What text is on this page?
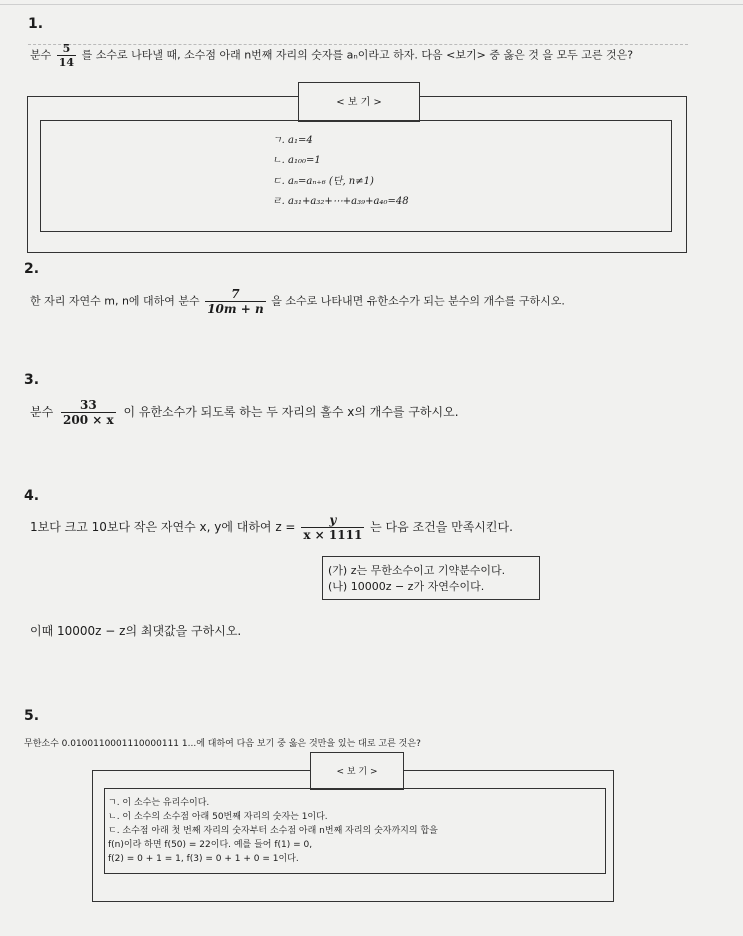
1.
분수 $\frac{5}{14}$ 를 소수로 나타낼 때, 소수점 아래 n번째 자리의 숫자를 aₙ이라고 하자. 다음 <보기> 중 옳은 것 을 모두 고른 것은?
< 보 기 >
ㄱ. a₁=4
ㄴ. a₁₀₀=1
ㄷ. aₙ=aₙ₊₆ (단, n≠1)
ㄹ. a₃₁+a₃₂+⋯+a₃₉+a₄₀=48
2.
한 자리 자연수 m, n에 대하여 분수 $\frac{7}{10m + n}$ 을 소수로 나타내면 유한소수가 되는 분수의 개수를 구하시오.
3.
분수 $\frac{33}{200 \times x}$ 이 유한소수가 되도록 하는 두 자리의 홀수 x의 개수를 구하시오.
4.
1보다 크고 10보다 작은 자연수 x, y에 대하여 $z = \frac{y}{x \times 1111}$ 는 다음 조건을 만족시킨다.
(가) z는 무한소수이고 기약분수이다.
(나) 10000z − z가 자연수이다.
이때 10000z − z의 최댓값을 구하시오.
5.
무한소수 0.0100110001110000111 1...에 대하여 다음 보기 중 옳은 것만을 있는 대로 고른 것은?
< 보 기 >
ㄱ. 이 소수는 유리수이다.
ㄴ. 이 소수의 소수점 아래 50번째 자리의 숫자는 1이다.
ㄷ. 소수점 아래 첫 번째 자리의 숫자부터 소수점 아래 n번째 자리의 숫자까지의 합을
f(n)이라 하면 f(50) = 22이다. 예를 들어 f(1) = 0,
f(2) = 0 + 1 = 1, f(3) = 0 + 1 + 0 = 1이다.
